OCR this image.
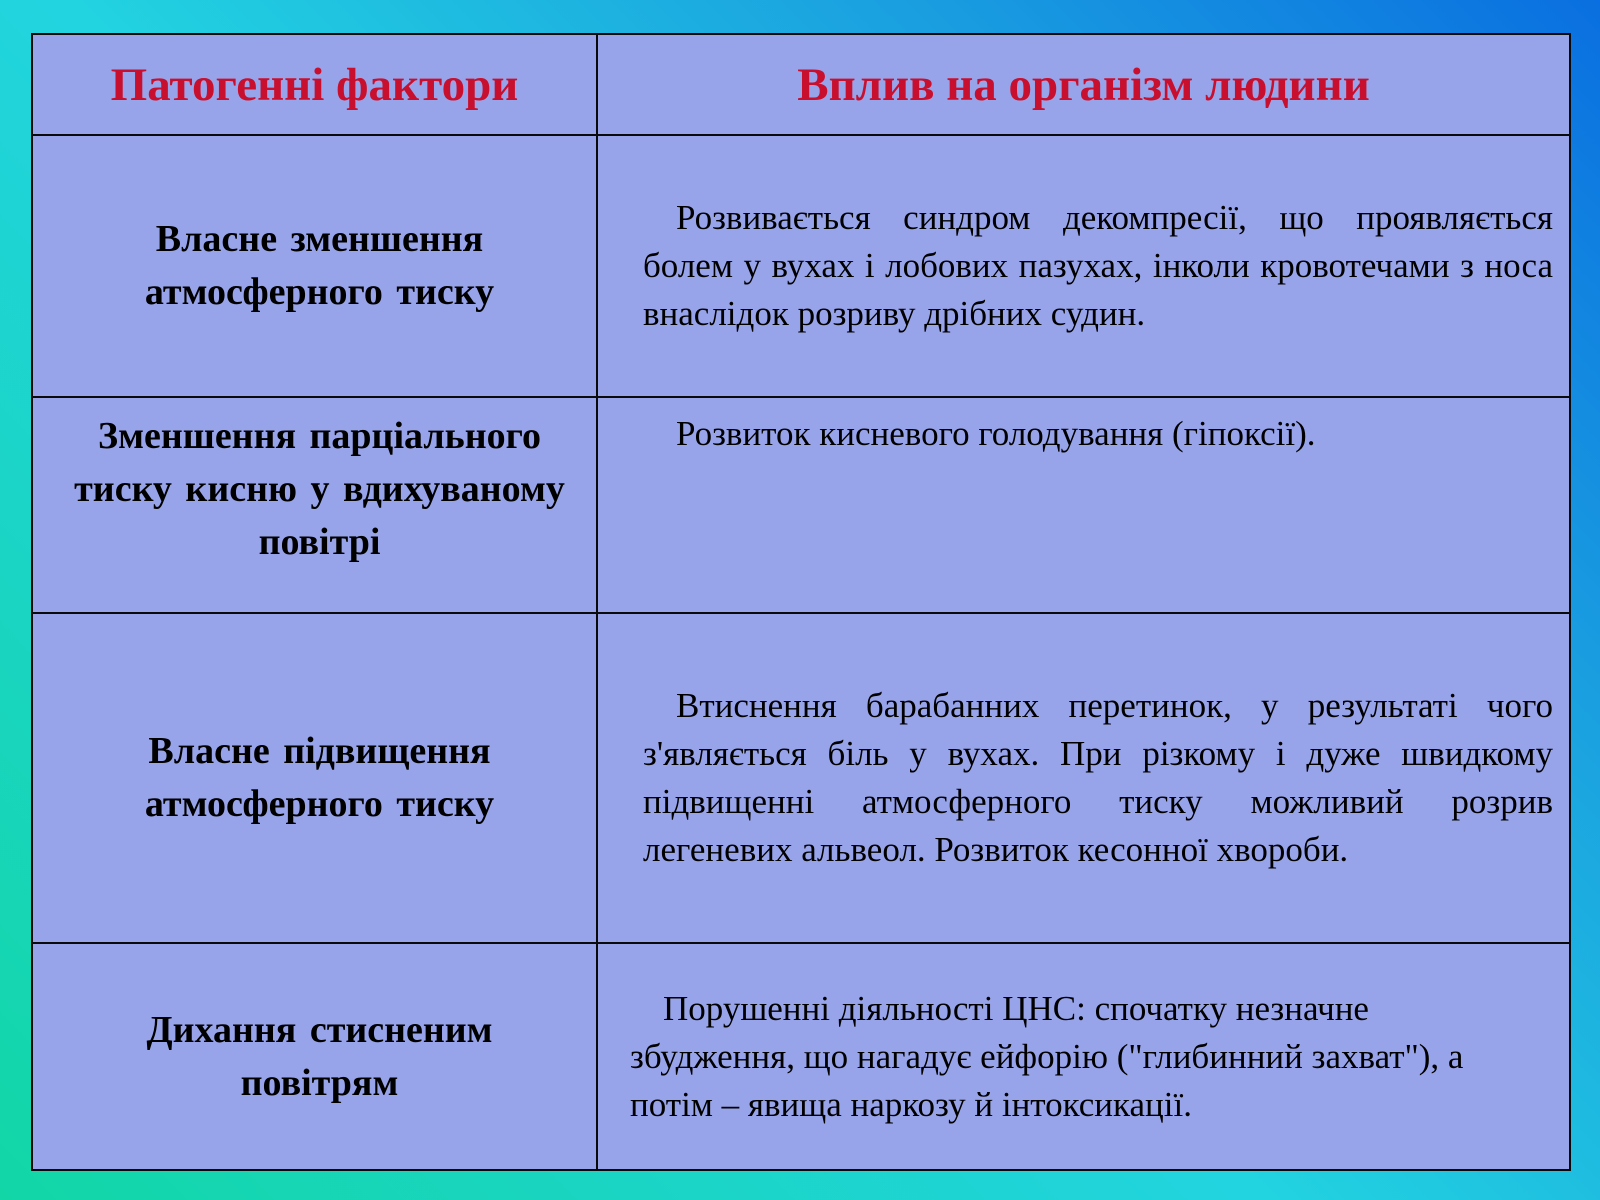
Патогенні фактори	Вплив на організм людини
Власне зменшення атмосферного тиску	Розвивається синдром декомпресії, що проявляється болем у вухах і лобових пазухах, інколи кровотечами з носа внаслідок розриву дрібних судин.
Зменшення парціального тиску кисню у вдихуваному повітрі	Розвиток кисневого голодування (гіпоксії).
Власне підвищення атмосферного тиску	Втиснення барабанних перетинок, у результаті чого з'являється біль у вухах. При різкому і дуже швидкому підвищенні атмосферного тиску можливий розрив легеневих альвеол. Розвиток кесонної хвороби.
Дихання стисненим повітрям	Порушенні діяльності ЦНС: спочатку незначне збудження, що нагадує ейфорію ("глибинний захват"), а потім – явища наркозу й інтоксикації.
